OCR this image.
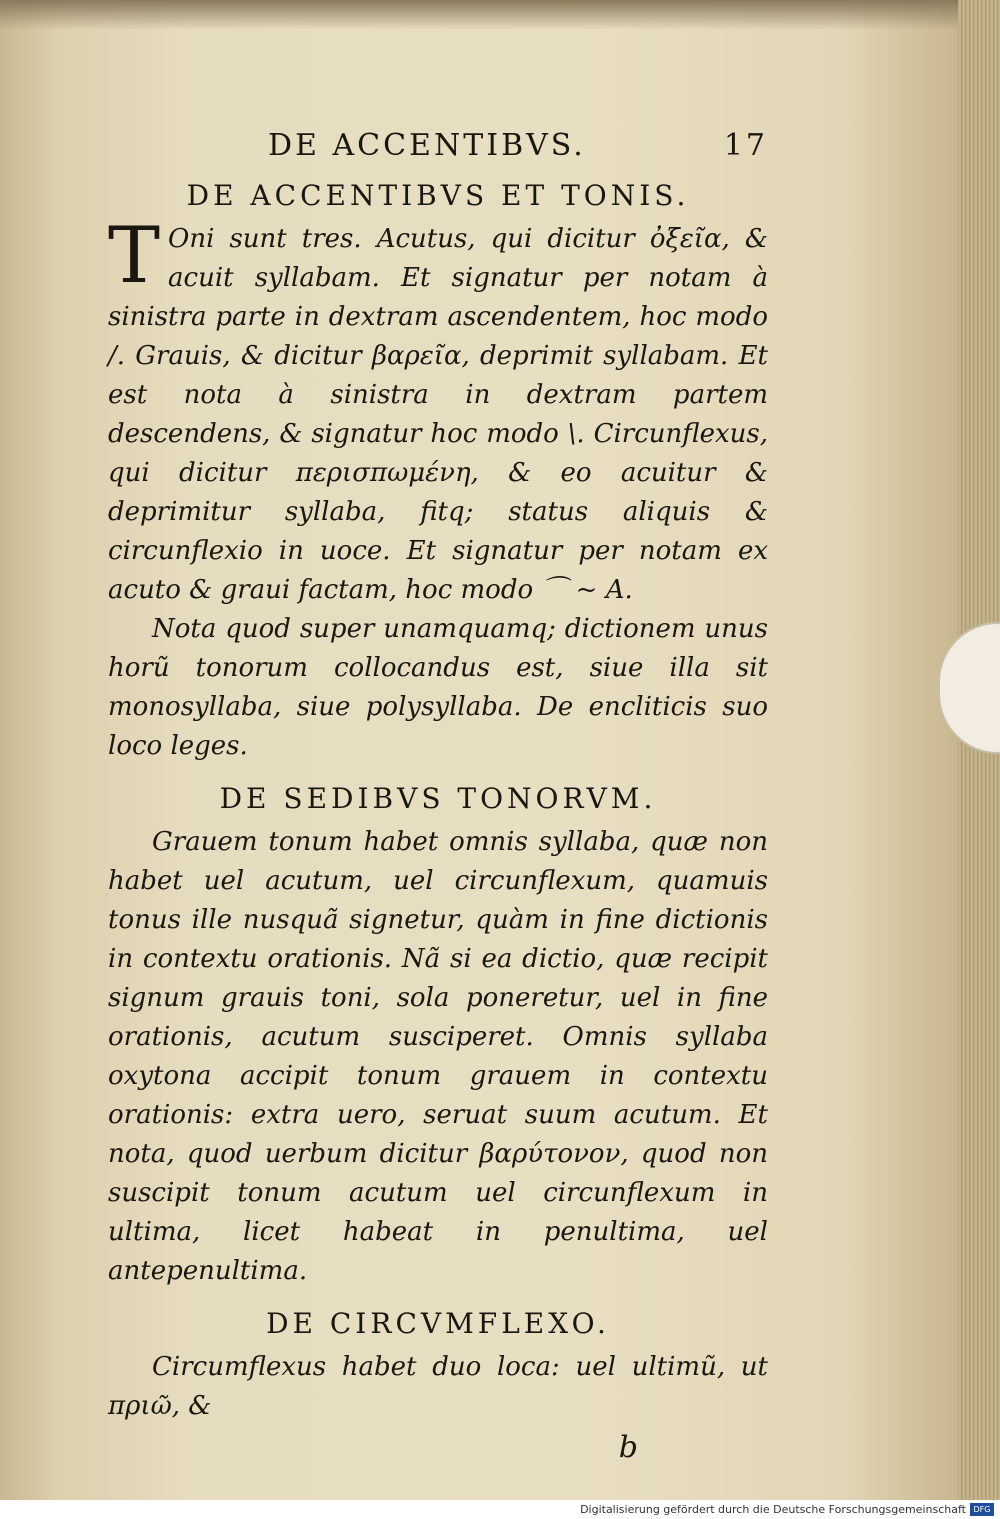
DE ACCENTIBVS.	17
DE ACCENTIBVS ET TONIS.

T Oni sunt tres. Acutus, qui dicitur ὀξεῖα, & acuit syllabam. Et signatur per notam à sinistra parte in dextram ascendentem, hoc modo /. Grauis, & dicitur βαρεῖα, deprimit syllabam. Et est nota à sinistra in dextram partem descendens, & signatur hoc modo \. Circunflexus, qui dicitur περισπωμένη, & eo acuitur & deprimitur syllaba, fitq; status aliquis & circunflexio in uoce. Et signatur per notam ex acuto & graui factam, hoc modo ⌒ ~ A.

Nota quod super unamquamq; dictionem unus horũ tonorum collocandus est, siue illa sit monosyllaba, siue polysyllaba. De encliticis suo loco leges.

DE SEDIBVS TONORVM.

Grauem tonum habet omnis syllaba, quæ non habet uel acutum, uel circunflexum, quamuis tonus ille nusquã signetur, quàm in fine dictionis in contextu orationis. Nã si ea dictio, quæ recipit signum grauis toni, sola poneretur, uel in fine orationis, acutum susciperet. Omnis syllaba oxytona accipit tonum grauem in contextu orationis: extra uero, seruat suum acutum. Et nota, quod uerbum dicitur βαρύτονον, quod non suscipit tonum acutum uel circunflexum in ultima, licet habeat in penultima, uel antepenultima.

DE CIRCVMFLEXO.

Circumflexus habet duo loca: uel ultimũ, ut πριῶ, &

b
Digitalisierung gefördert durch die Deutsche Forschungsgemeinschaft DFG
